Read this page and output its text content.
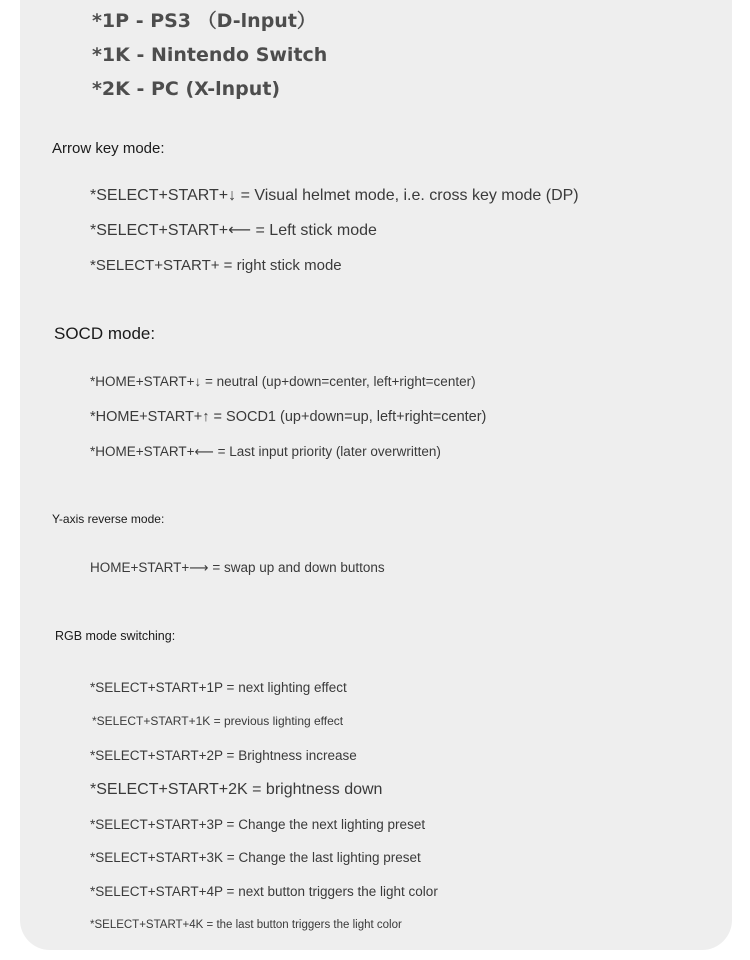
*1P - PS3 （D-lnput）
*1K - Nintendo Switch
*2K - PC (X-lnput)
Arrow key mode:
*SELECT+START+↓ = Visual helmet mode, i.e. cross key mode (DP)
*SELECT+START+⟵ = Left stick mode
*SELECT+START+ = right stick mode
SOCD mode:
*HOME+START+↓ = neutral (up+down=center, left+right=center)
*HOME+START+↑ = SOCD1 (up+down=up, left+right=center)
*HOME+START+⟵ = Last input priority (later overwritten)
Y-axis reverse mode:
HOME+START+⟶ = swap up and down buttons
RGB mode switching:
*SELECT+START+1P = next lighting effect
*SELECT+START+1K = previous lighting effect
*SELECT+START+2P = Brightness increase
*SELECT+START+2K = brightness down
*SELECT+START+3P = Change the next lighting preset
*SELECT+START+3K = Change the last lighting preset
*SELECT+START+4P = next button triggers the light color
*SELECT+START+4K = the last button triggers the light color
